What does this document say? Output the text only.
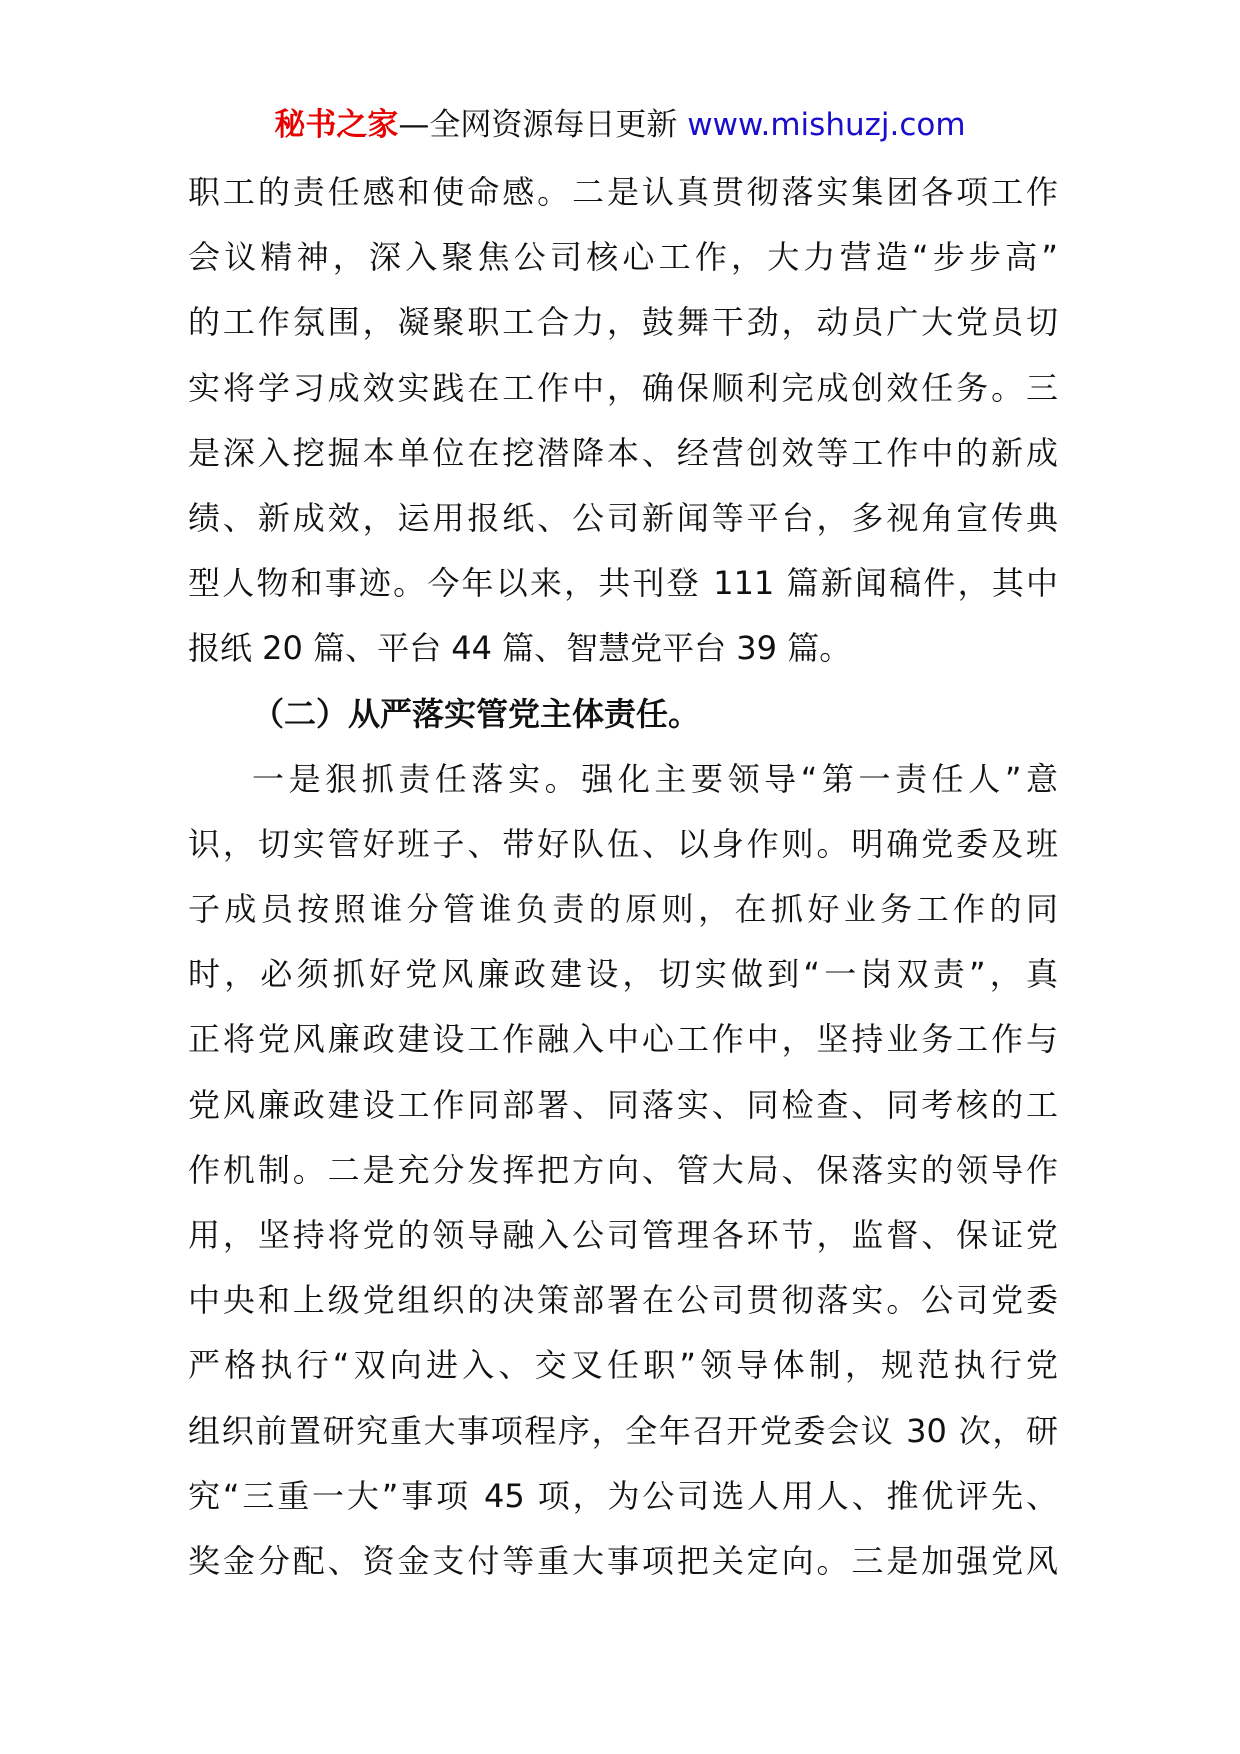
秘书之家—全网资源每日更新 www.mishuzj.com
职工的责任感和使命感。二是认真贯彻落实集团各项工作
会议精神，深入聚焦公司核心工作，大力营造“步步高”
的工作氛围，凝聚职工合力，鼓舞干劲，动员广大党员切
实将学习成效实践在工作中，确保顺利完成创效任务。三
是深入挖掘本单位在挖潜降本、经营创效等工作中的新成
绩、新成效，运用报纸、公司新闻等平台，多视角宣传典
型人物和事迹。今年以来，共刊登 111 篇新闻稿件，其中
报纸 20 篇、平台 44 篇、智慧党平台 39 篇。
（二）从严落实管党主体责任。
一是狠抓责任落实。强化主要领导“第一责任人”意
识，切实管好班子、带好队伍、以身作则。明确党委及班
子成员按照谁分管谁负责的原则，在抓好业务工作的同
时，必须抓好党风廉政建设，切实做到“一岗双责”，真
正将党风廉政建设工作融入中心工作中，坚持业务工作与
党风廉政建设工作同部署、同落实、同检查、同考核的工
作机制。二是充分发挥把方向、管大局、保落实的领导作
用，坚持将党的领导融入公司管理各环节，监督、保证党
中央和上级党组织的决策部署在公司贯彻落实。公司党委
严格执行“双向进入、交叉任职”领导体制，规范执行党
组织前置研究重大事项程序，全年召开党委会议 30 次，研
究“三重一大”事项 45 项，为公司选人用人、推优评先、
奖金分配、资金支付等重大事项把关定向。三是加强党风
